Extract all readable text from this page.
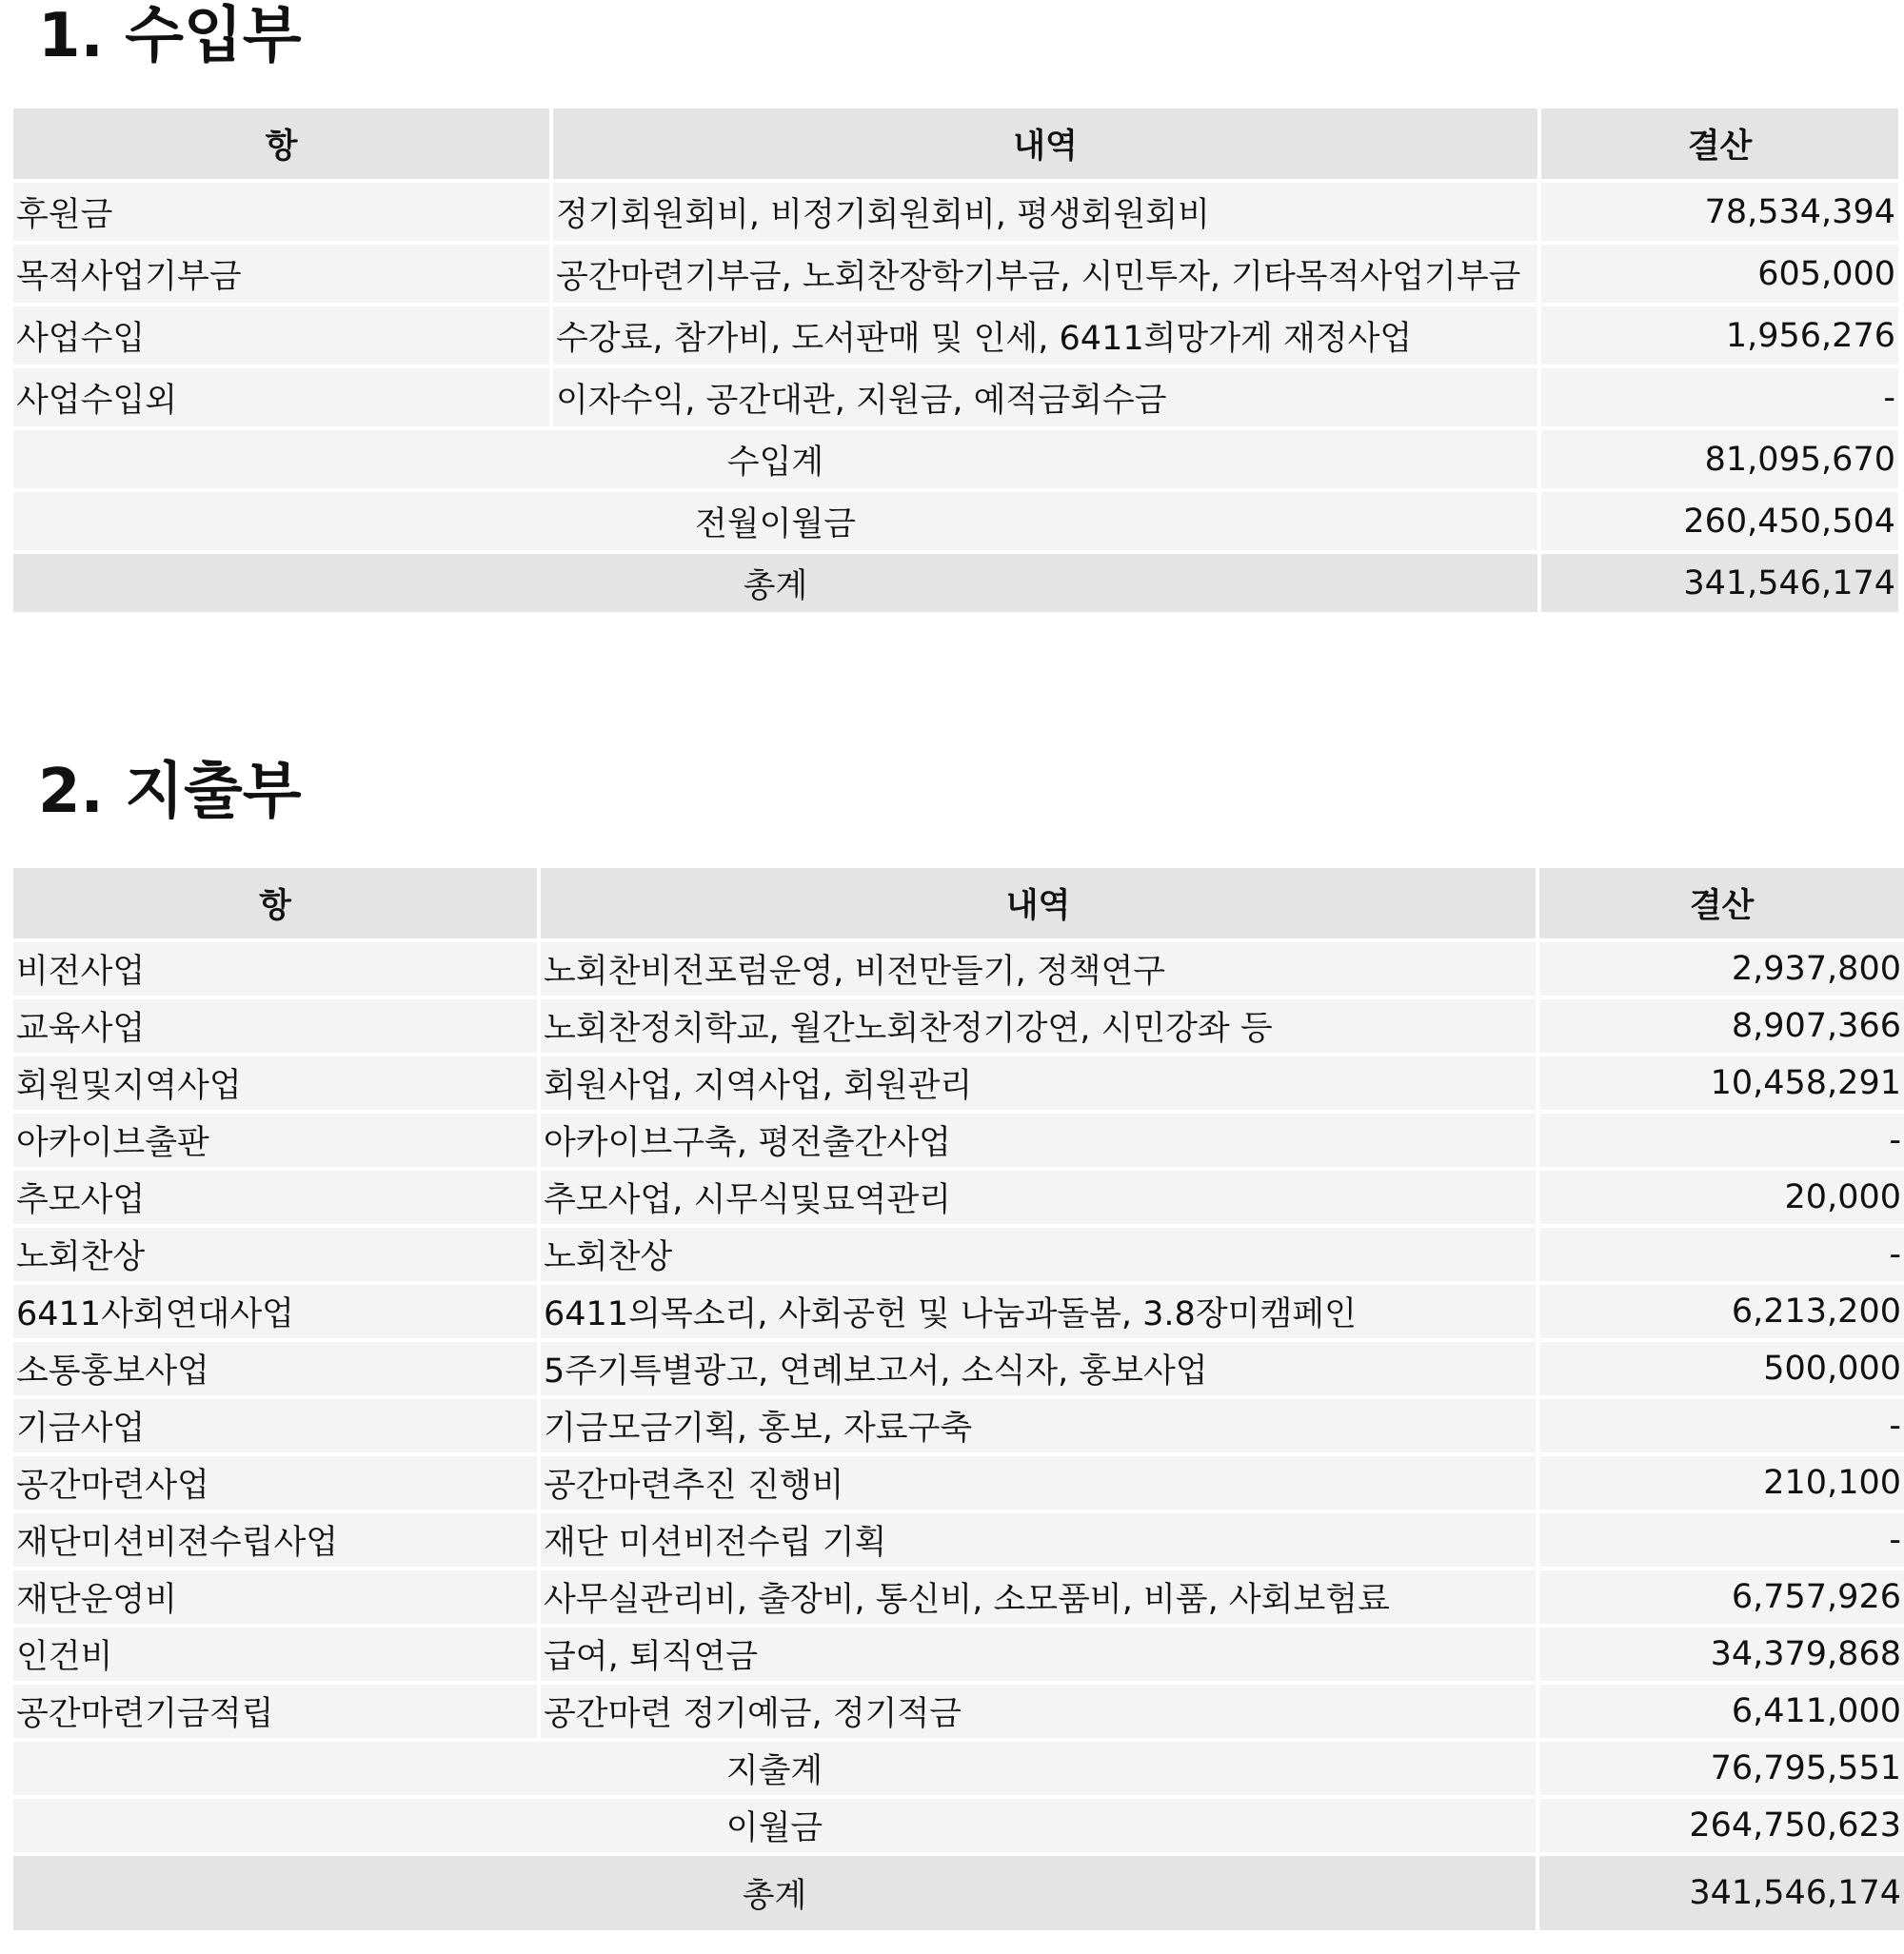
1. 수입부
항	내역	결산
후원금	정기회원회비, 비정기회원회비, 평생회원회비	78,534,394
목적사업기부금	공간마련기부금, 노회찬장학기부금, 시민투자, 기타목적사업기부금	605,000
사업수입	수강료, 참가비, 도서판매 및 인세, 6411희망가게 재정사업	1,956,276
사업수입외	이자수익, 공간대관, 지원금, 예적금회수금	-
수입계		81,095,670
전월이월금		260,450,504
총계		341,546,174
2. 지출부
항	내역	결산
비전사업	노회찬비전포럼운영, 비전만들기, 정책연구	2,937,800
교육사업	노회찬정치학교, 월간노회찬정기강연, 시민강좌 등	8,907,366
회원및지역사업	회원사업, 지역사업, 회원관리	10,458,291
아카이브출판	아카이브구축, 평전출간사업	-
추모사업	추모사업, 시무식및묘역관리	20,000
노회찬상	노회찬상	-
6411사회연대사업	6411의목소리, 사회공헌 및 나눔과돌봄, 3.8장미캠페인	6,213,200
소통홍보사업	5주기특별광고, 연례보고서, 소식자, 홍보사업	500,000
기금사업	기금모금기획, 홍보, 자료구축	-
공간마련사업	공간마련추진 진행비	210,100
재단미션비젼수립사업	재단 미션비전수립 기획	-
재단운영비	사무실관리비, 출장비, 통신비, 소모품비, 비품, 사회보험료	6,757,926
인건비	급여, 퇴직연금	34,379,868
공간마련기금적립	공간마련 정기예금, 정기적금	6,411,000
지출계		76,795,551
이월금		264,750,623
총계		341,546,174
